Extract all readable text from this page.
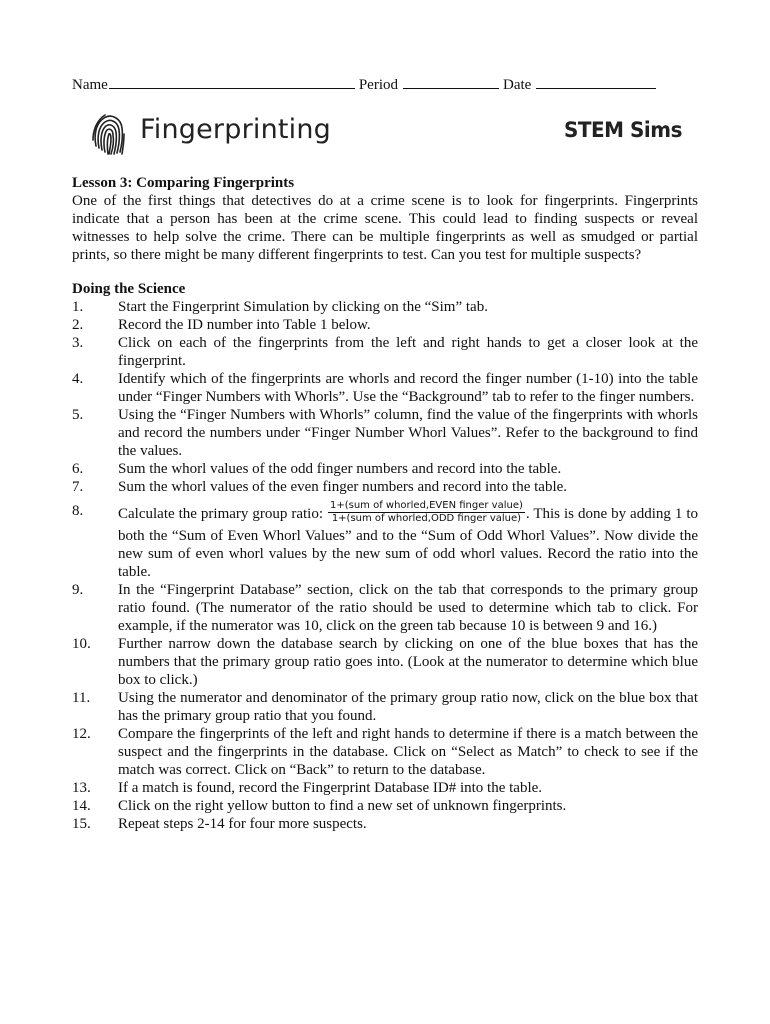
Name	Period	Date
Fingerprinting	STEM Sims
Lesson 3: Comparing Fingerprints

One of the first things that detectives do at a crime scene is to look for fingerprints. Fingerprints indicate that a person has been at the crime scene. This could lead to finding suspects or reveal witnesses to help solve the crime. There can be multiple fingerprints as well as smudged or partial prints, so there might be many different fingerprints to test. Can you test for multiple suspects?

Doing the Science
1.	Start the Fingerprint Simulation by clicking on the “Sim” tab.
2.	Record the ID number into Table 1 below.
3.	Click on each of the fingerprints from the left and right hands to get a closer look at the fingerprint.
4.	Identify which of the fingerprints are whorls and record the finger number (1-10) into the table under “Finger Numbers with Whorls”. Use the “Background” tab to refer to the finger numbers.
5.	Using the “Finger Numbers with Whorls” column, find the value of the fingerprints with whorls and record the numbers under “Finger Number Whorl Values”. Refer to the background to find the values.
6.	Sum the whorl values of the odd finger numbers and record into the table.
7.	Sum the whorl values of the even finger numbers and record into the table.
8.	Calculate the primary group ratio: $\frac{\text{1+(sum of whorled,EVEN finger value)}}{\text{1+(sum of whorled,ODD finger value)}}$ . This is done by adding 1 to both the “Sum of Even Whorl Values” and to the “Sum of Odd Whorl Values”. Now divide the new sum of even whorl values by the new sum of odd whorl values. Record the ratio into the table.
9.	In the “Fingerprint Database” section, click on the tab that corresponds to the primary group ratio found. (The numerator of the ratio should be used to determine which tab to click. For example, if the numerator was 10, click on the green tab because 10 is between 9 and 16.)
10.	Further narrow down the database search by clicking on one of the blue boxes that has the numbers that the primary group ratio goes into. (Look at the numerator to determine which blue box to click.)
11.	Using the numerator and denominator of the primary group ratio now, click on the blue box that has the primary group ratio that you found.
12.	Compare the fingerprints of the left and right hands to determine if there is a match between the suspect and the fingerprints in the database. Click on “Select as Match” to check to see if the match was correct. Click on “Back” to return to the database.
13.	If a match is found, record the Fingerprint Database ID# into the table.
14.	Click on the right yellow button to find a new set of unknown fingerprints.
15.	Repeat steps 2-14 for four more suspects.
